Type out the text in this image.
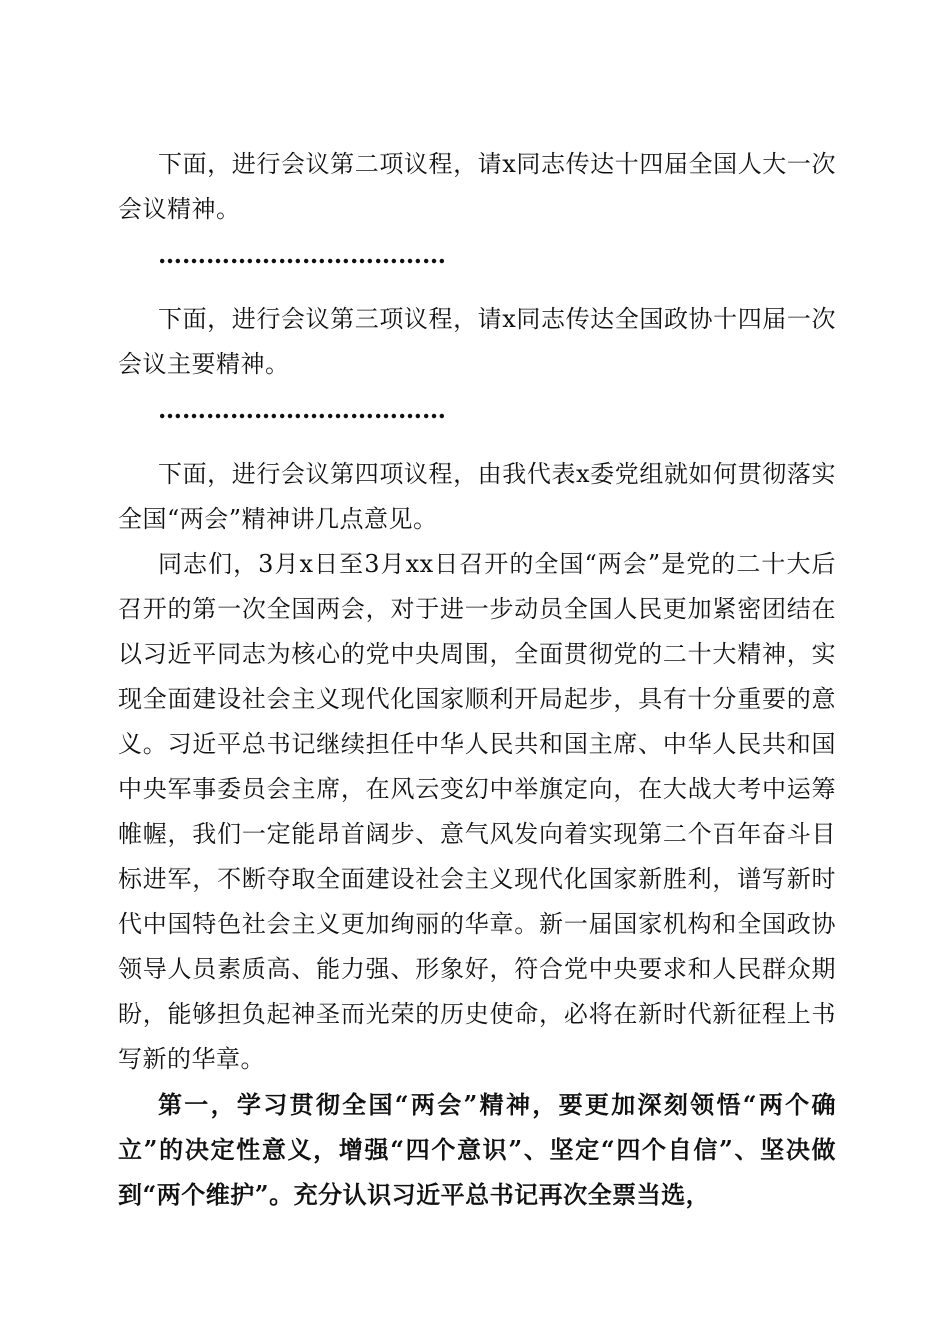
下面，进行会议第二项议程，请x同志传达十四届全国人大一次会议精神。

………………………………

下面，进行会议第三项议程，请x同志传达全国政协十四届一次会议主要精神。

………………………………

下面，进行会议第四项议程，由我代表x委党组就如何贯彻落实全国“两会”精神讲几点意见。

同志们，3月x日至3月xx日召开的全国“两会”是党的二十大后召开的第一次全国两会，对于进一步动员全国人民更加紧密团结在以习近平同志为核心的党中央周围，全面贯彻党的二十大精神，实现全面建设社会主义现代化国家顺利开局起步，具有十分重要的意义。习近平总书记继续担任中华人民共和国主席、中华人民共和国中央军事委员会主席，在风云变幻中举旗定向，在大战大考中运筹帷幄，我们一定能昂首阔步、意气风发向着实现第二个百年奋斗目标进军，不断夺取全面建设社会主义现代化国家新胜利，谱写新时代中国特色社会主义更加绚丽的华章。新一届国家机构和全国政协领导人员素质高、能力强、形象好，符合党中央要求和人民群众期盼，能够担负起神圣而光荣的历史使命，必将在新时代新征程上书写新的华章。

第一，学习贯彻全国“两会”精神，要更加深刻领悟“两个确立”的决定性意义，增强“四个意识”、坚定“四个自信”、坚决做到“两个维护”。充分认识习近平总书记再次全票当选，
